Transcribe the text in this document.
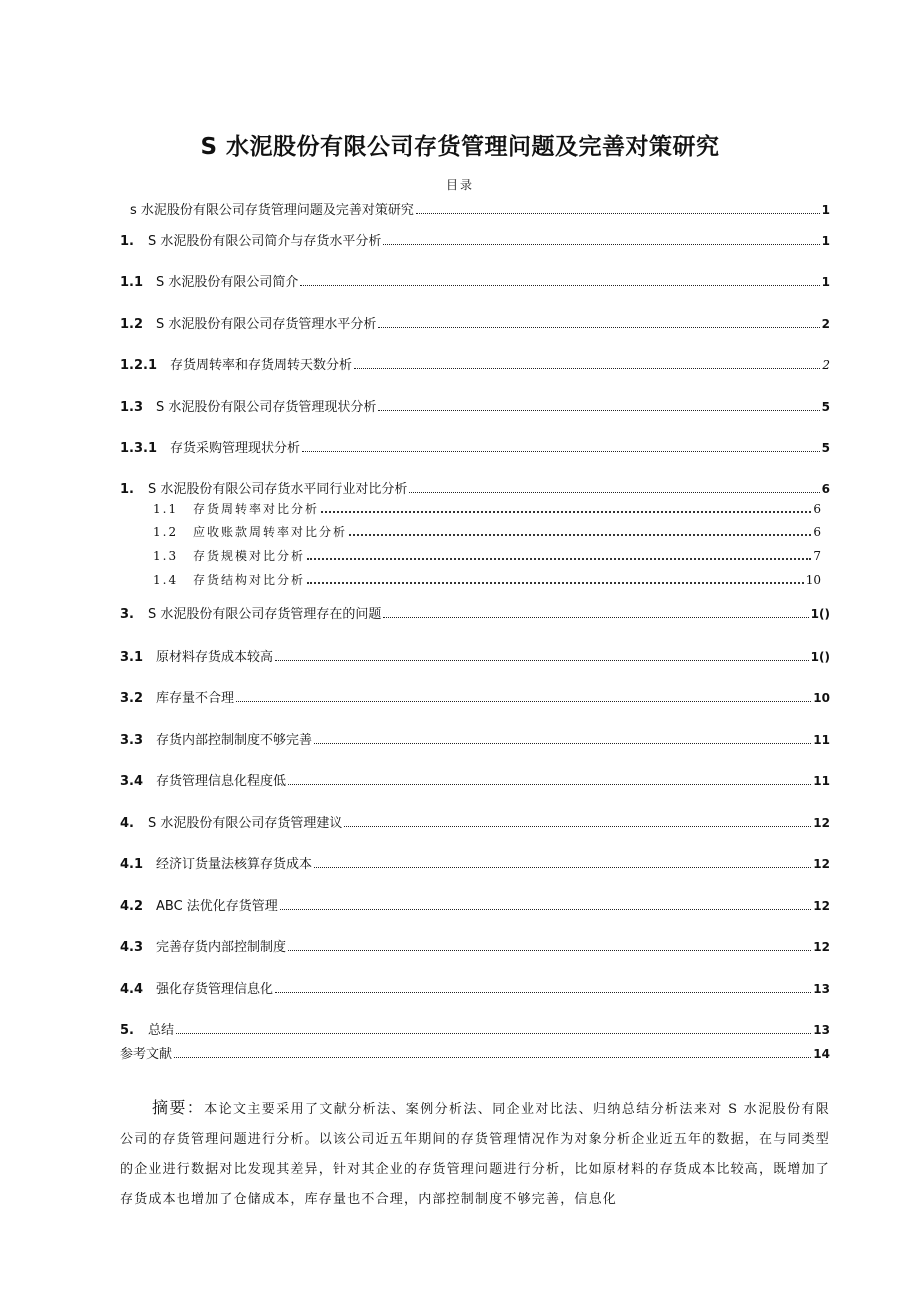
S 水泥股份有限公司存货管理问题及完善对策研究
目录
s 水泥股份有限公司存货管理问题及完善对策研究	1
1.	S 水泥股份有限公司简介与存货水平分析	1
1.1 S 水泥股份有限公司简介	1
1.2 S 水泥股份有限公司存货管理水平分析	2
1.2.1 存货周转率和存货周转天数分析	2
1.3 S 水泥股份有限公司存货管理现状分析	5
1.3.1 存货采购管理现状分析	5
1.	S 水泥股份有限公司存货水平同行业对比分析	6
1.1	存货周转率对比分析	6
1.2	应收账款周转率对比分析	6
1.3	存货规模对比分析	7
1.4	存货结构对比分析	10
3.	S 水泥股份有限公司存货管理存在的问题	1()
3.1 原材料存货成本较高	1()
3.2 库存量不合理	10
3.3 存货内部控制制度不够完善	11
3.4 存货管理信息化程度低	11
4.	S 水泥股份有限公司存货管理建议	12
4.1 经济订货量法核算存货成本	12
4.2 ABC 法优化存货管理	12
4.3 完善存货内部控制制度	12
4.4 强化存货管理信息化	13
5.	总结	13
参考文献	14
摘要：本论文主要采用了文献分析法、案例分析法、同企业对比法、归纳总结分析法来对 S 水泥股份有限公司的存货管理问题进行分析。以该公司近五年期间的存货管理情况作为对象分析企业近五年的数据，在与同类型的企业进行数据对比发现其差异，针对其企业的存货管理问题进行分析，比如原材料的存货成本比较高，既增加了存货成本也增加了仓储成本，库存量也不合理，内部控制制度不够完善，信息化
